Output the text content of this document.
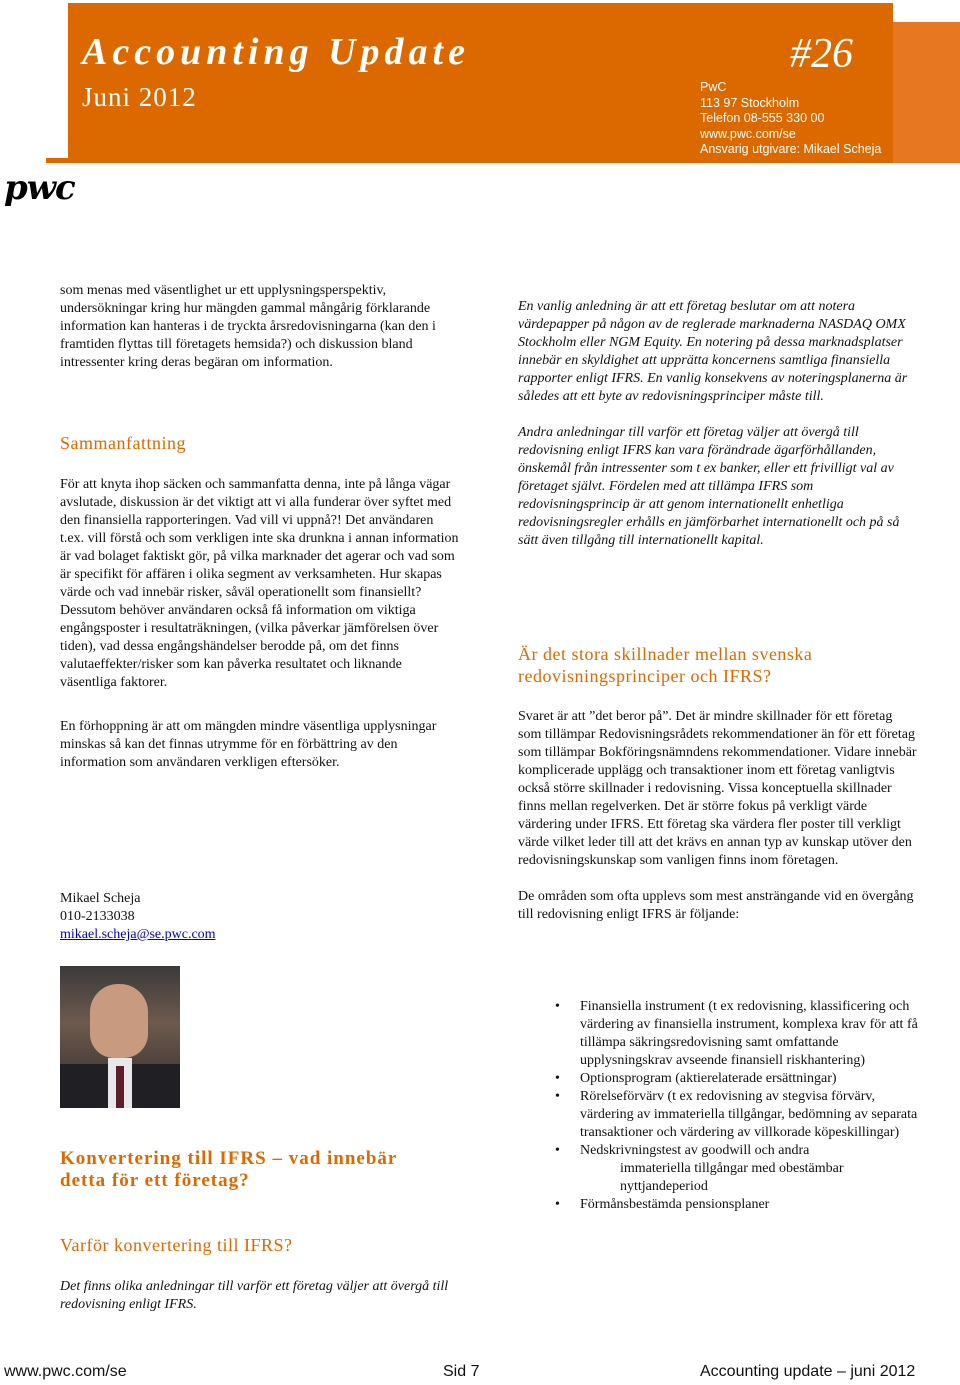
Accounting Update	#26
Juni 2012	PwC
113 97 Stockholm
Telefon 08-555 330 00
www.pwc.com/se
Ansvarig utgivare: Mikael Scheja
pwc

som menas med väsentlighet ur ett upplysningsperspektiv, undersökningar kring hur mängden gammal mångårig förklarande information kan hanteras i de tryckta årsredovisningarna (kan den i framtiden flyttas till företagets hemsida?) och diskussion bland intressenter kring deras begäran om information.

Sammanfattning

För att knyta ihop säcken och sammanfatta denna, inte på långa vägar avslutade, diskussion är det viktigt att vi alla funderar över syftet med den finansiella rapporteringen. Vad vill vi uppnå?! Det användaren t.ex. vill förstå och som verkligen inte ska drunkna i annan information är vad bolaget faktiskt gör, på vilka marknader det agerar och vad som är specifikt för affären i olika segment av verksamheten. Hur skapas värde och vad innebär risker, såväl operationellt som finansiellt? Dessutom behöver användaren också få information om viktiga engångsposter i resultaträkningen, (vilka påverkar jämförelsen över tiden), vad dessa engångshändelser berodde på, om det finns valutaeffekter/risker som kan påverka resultatet och liknande väsentliga faktorer.

En förhoppning är att om mängden mindre väsentliga upplysningar minskas så kan det finnas utrymme för en förbättring av den information som användaren verkligen eftersöker.

Mikael Scheja
010-2133038
mikael.scheja@se.pwc.com
Konvertering till IFRS – vad innebär detta för ett företag?
Varför konvertering till IFRS?
Det finns olika anledningar till varför ett företag väljer att övergå till redovisning enligt IFRS.

En vanlig anledning är att ett företag beslutar om att notera värdepapper på någon av de reglerade marknaderna NASDAQ OMX Stockholm eller NGM Equity. En notering på dessa marknadsplatser innebär en skyldighet att upprätta koncernens samtliga finansiella rapporter enligt IFRS. En vanlig konsekvens av noteringsplanerna är således att ett byte av redovisningsprinciper måste till.

Andra anledningar till varför ett företag väljer att övergå till redovisning enligt IFRS kan vara förändrade ägarförhållanden, önskemål från intressenter som t ex banker, eller ett frivilligt val av företaget självt. Fördelen med att tillämpa IFRS som redovisningsprincip är att genom internationellt enhetliga redovisningsregler erhålls en jämförbarhet internationellt och på så sätt även tillgång till internationellt kapital.

Är det stora skillnader mellan svenska redovisningsprinciper och IFRS?

Svaret är att ”det beror på”. Det är mindre skillnader för ett företag som tillämpar Redovisningsrådets rekommendationer än för ett företag som tillämpar Bokföringsnämndens rekommendationer. Vidare innebär komplicerade upplägg och transaktioner inom ett företag vanligtvis också större skillnader i redovisning. Vissa konceptuella skillnader finns mellan regelverken. Det är större fokus på verkligt värde värdering under IFRS. Ett företag ska värdera fler poster till verkligt värde vilket leder till att det krävs en annan typ av kunskap utöver den redovisningskunskap som vanligen finns inom företagen.

De områden som ofta upplevs som mest ansträngande vid en övergång till redovisning enligt IFRS är följande:

• Finansiella instrument (t ex redovisning, klassificering och värdering av finansiella instrument, komplexa krav för att få tillämpa säkringsredovisning samt omfattande upplysningskrav avseende finansiell riskhantering)
• Optionsprogram (aktierelaterade ersättningar)
• Rörelseförvärv (t ex redovisning av stegvisa förvärv, värdering av immateriella tillgångar, bedömning av separata transaktioner och värdering av villkorade köpeskillingar)
• Nedskrivningstest av goodwill och andra
immateriella tillgångar med obestämbar nyttjandeperiod
• Förmånsbestämda pensionsplaner
www.pwc.com/se	Sid 7	Accounting update – juni 2012
